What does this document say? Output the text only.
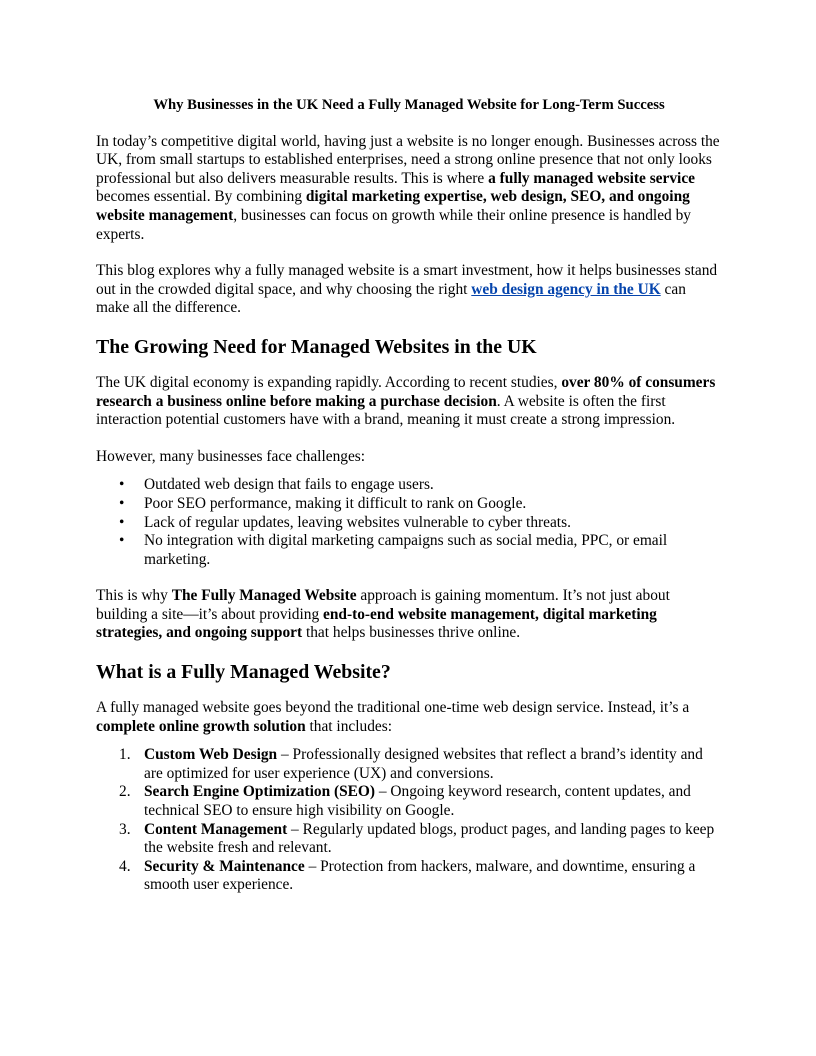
Why Businesses in the UK Need a Fully Managed Website for Long-Term Success

In today’s competitive digital world, having just a website is no longer enough. Businesses across the UK, from small startups to established enterprises, need a strong online presence that not only looks professional but also delivers measurable results. This is where a fully managed website service becomes essential. By combining digital marketing expertise, web design, SEO, and ongoing website management, businesses can focus on growth while their online presence is handled by experts.

This blog explores why a fully managed website is a smart investment, how it helps businesses stand out in the crowded digital space, and why choosing the right web design agency in the UK can make all the difference.

The Growing Need for Managed Websites in the UK

The UK digital economy is expanding rapidly. According to recent studies, over 80% of consumers research a business online before making a purchase decision. A website is often the first interaction potential customers have with a brand, meaning it must create a strong impression.

However, many businesses face challenges:

• Outdated web design that fails to engage users.
• Poor SEO performance, making it difficult to rank on Google.
• Lack of regular updates, leaving websites vulnerable to cyber threats.
• No integration with digital marketing campaigns such as social media, PPC, or email marketing.

This is why The Fully Managed Website approach is gaining momentum. It’s not just about building a site—it’s about providing end-to-end website management, digital marketing strategies, and ongoing support that helps businesses thrive online.

What is a Fully Managed Website?

A fully managed website goes beyond the traditional one-time web design service. Instead, it’s a complete online growth solution that includes:

1. Custom Web Design – Professionally designed websites that reflect a brand’s identity and are optimized for user experience (UX) and conversions.
2. Search Engine Optimization (SEO) – Ongoing keyword research, content updates, and technical SEO to ensure high visibility on Google.
3. Content Management – Regularly updated blogs, product pages, and landing pages to keep the website fresh and relevant.
4. Security & Maintenance – Protection from hackers, malware, and downtime, ensuring a smooth user experience.
